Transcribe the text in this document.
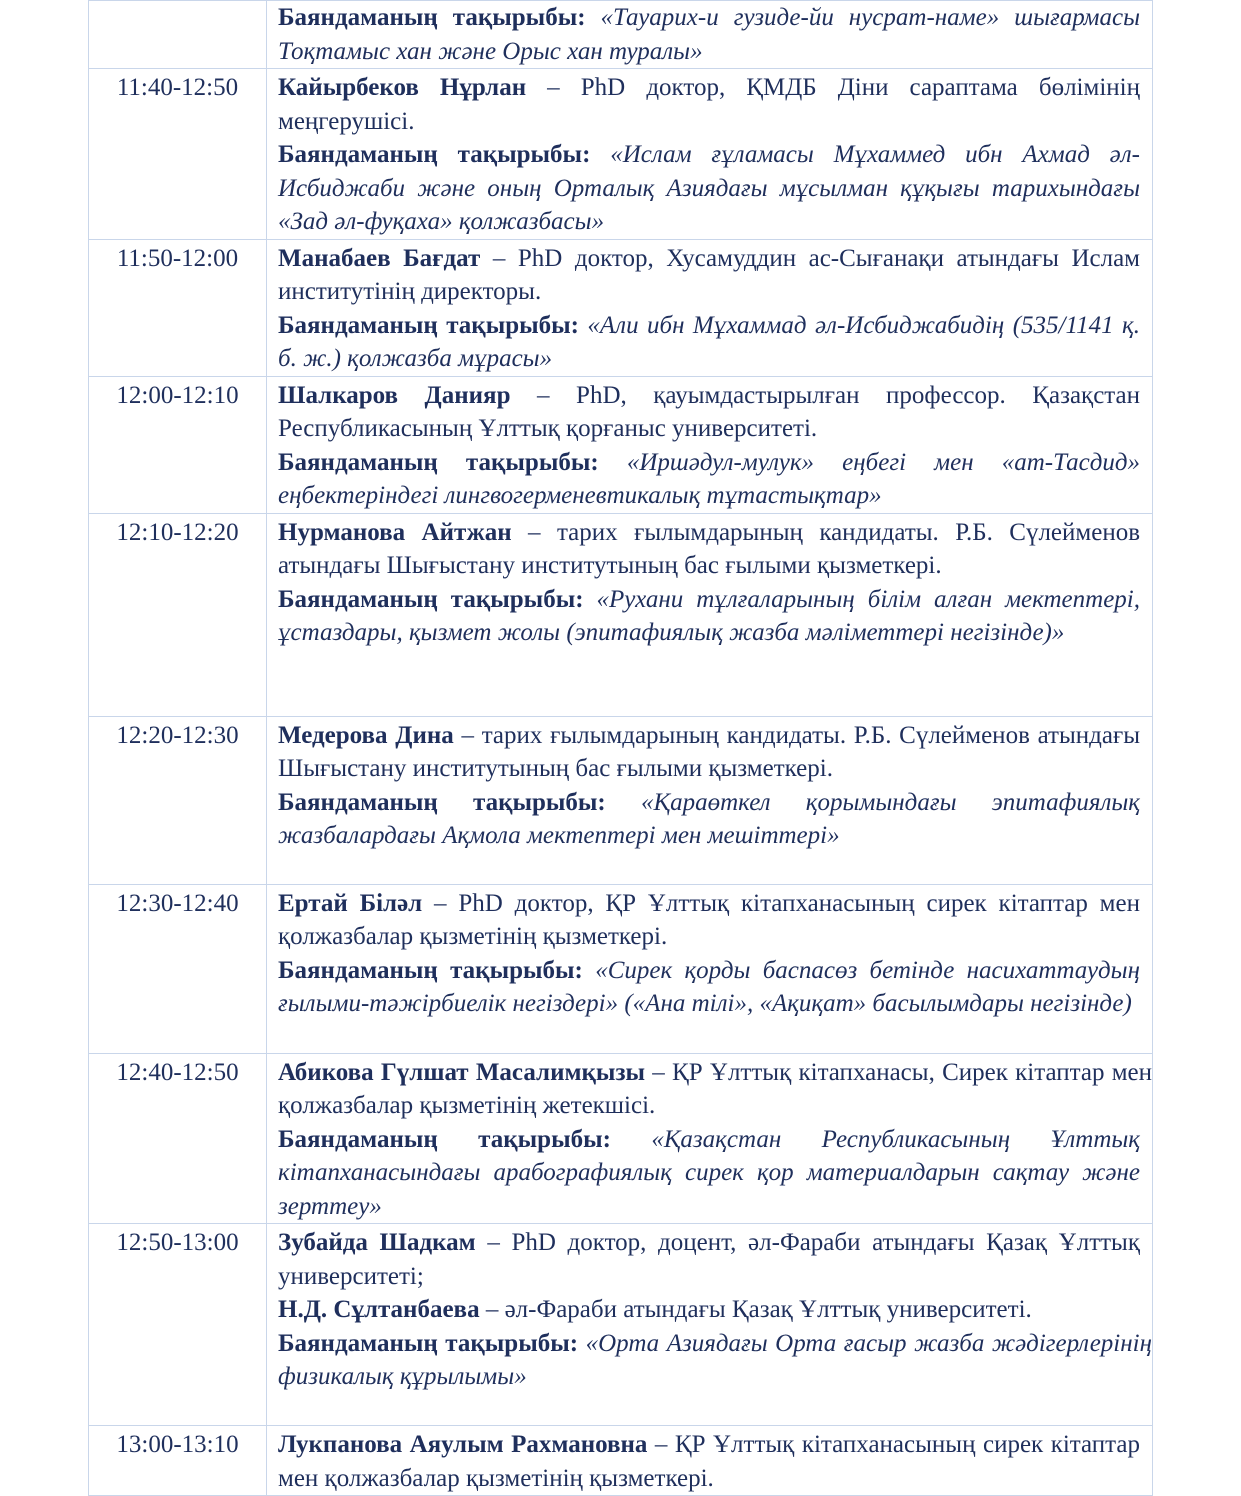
	Баяндаманың тақырыбы: «Тауарих-и гузиде-йи нусрат-наме» шығармасы Тоқтамыс хан және Орыс хан туралы»

11:40-12:50	Кайырбеков Нұрлан – PhD доктор, ҚМДБ Діни сараптама бөлімінің меңгерушісі.

Баяндаманың тақырыбы: «Ислам ғұламасы Мұхаммед ибн Ахмад әл-Исбиджаби және оның Орталық Азиядағы мұсылман құқығы тарихындағы «Зад әл-фуқаха» қолжазбасы»

11:50-12:00	Манабаев Бағдат – PhD доктор, Хусамуддин ас-Сығанақи атындағы Ислам институтінің директоры.

Баяндаманың тақырыбы: «Али ибн Мұхаммад әл-Исбиджабидің (535/1141 қ. б. ж.) қолжазба мұрасы»

12:00-12:10	Шалкаров Данияр – PhD, қауымдастырылған профессор. Қазақстан Республикасының Ұлттық қорғаныс университеті.

Баяндаманың тақырыбы: «Иршәдул-мулук» еңбегі мен «ат-Тасдид» еңбектеріндегі лингвогерменевтикалық тұтастықтар»

12:10-12:20	Нурманова Айтжан – тарих ғылымдарының кандидаты. Р.Б. Сүлейменов атындағы Шығыстану институтының бас ғылыми қызметкері.

Баяндаманың тақырыбы: «Рухани тұлғаларының білім алған мектептері, ұстаздары, қызмет жолы (эпитафиялық жазба мәліметтері негізінде)»

12:20-12:30	Медерова Дина – тарих ғылымдарының кандидаты. Р.Б. Сүлейменов атындағы Шығыстану институтының бас ғылыми қызметкері.

Баяндаманың тақырыбы: «Қараөткел қорымындағы эпитафиялық жазбалардағы Ақмола мектептері мен мешіттері»

12:30-12:40	Ертай Біләл – PhD доктор, ҚР Ұлттық кітапханасының сирек кітаптар мен қолжазбалар қызметінің қызметкері.

Баяндаманың тақырыбы: «Сирек қорды баспасөз бетінде насихаттаудың ғылыми-тәжірбиелік негіздері» («Ана тілі», «Ақиқат» басылымдары негізінде)

12:40-12:50	Абикова Гүлшат Масалимқызы – ҚР Ұлттық кітапханасы, Сирек кітаптар мен қолжазбалар қызметінің жетекшісі.

Баяндаманың тақырыбы: «Қазақстан Республикасының Ұлттық кітапханасындағы арабографиялық сирек қор материалдарын сақтау және зерттеу»

12:50-13:00	Зубайда Шадкам – PhD доктор, доцент, әл-Фараби атындағы Қазақ Ұлттық университеті;

Н.Д. Сұлтанбаева – әл-Фараби атындағы Қазақ Ұлттық университеті.

Баяндаманың тақырыбы: «Орта Азиядағы Орта ғасыр жазба жәдігерлерінің физикалық құрылымы»

13:00-13:10	Лукпанова Аяулым Рахмановна – ҚР Ұлттық кітапханасының сирек кітаптар мен қолжазбалар қызметінің қызметкері.
